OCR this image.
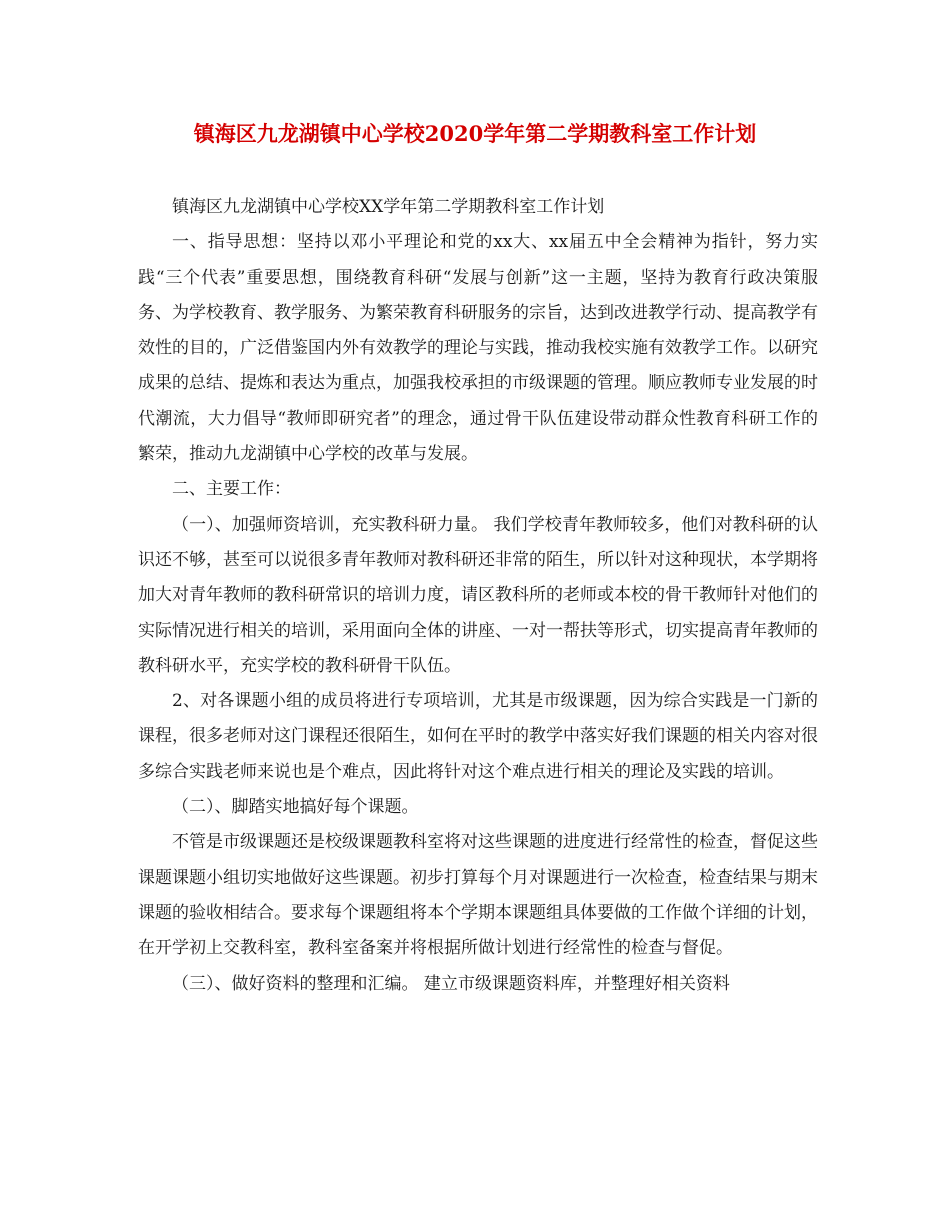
镇海区九龙湖镇中心学校2020学年第二学期教科室工作计划

镇海区九龙湖镇中心学校XX学年第二学期教科室工作计划

一、指导思想：坚持以邓小平理论和党的xx大、xx届五中全会精神为指针，努力实践“三个代表”重要思想，围绕教育科研“发展与创新”这一主题，坚持为教育行政决策服务、为学校教育、教学服务、为繁荣教育科研服务的宗旨，达到改进教学行动、提高教学有效性的目的，广泛借鉴国内外有效教学的理论与实践，推动我校实施有效教学工作。以研究成果的总结、提炼和表达为重点，加强我校承担的市级课题的管理。顺应教师专业发展的时代潮流，大力倡导“教师即研究者”的理念，通过骨干队伍建设带动群众性教育科研工作的繁荣，推动九龙湖镇中心学校的改革与发展。

二、主要工作：

（一）、加强师资培训，充实教科研力量。 我们学校青年教师较多，他们对教科研的认识还不够，甚至可以说很多青年教师对教科研还非常的陌生，所以针对这种现状，本学期将加大对青年教师的教科研常识的培训力度，请区教科所的老师或本校的骨干教师针对他们的实际情况进行相关的培训，采用面向全体的讲座、一对一帮扶等形式，切实提高青年教师的教科研水平，充实学校的教科研骨干队伍。

2、对各课题小组的成员将进行专项培训，尤其是市级课题，因为综合实践是一门新的课程，很多老师对这门课程还很陌生，如何在平时的教学中落实好我们课题的相关内容对很多综合实践老师来说也是个难点，因此将针对这个难点进行相关的理论及实践的培训。

（二）、脚踏实地搞好每个课题。

不管是市级课题还是校级课题教科室将对这些课题的进度进行经常性的检查，督促这些课题课题小组切实地做好这些课题。初步打算每个月对课题进行一次检查，检查结果与期末课题的验收相结合。要求每个课题组将本个学期本课题组具体要做的工作做个详细的计划，在开学初上交教科室，教科室备案并将根据所做计划进行经常性的检查与督促。

（三）、做好资料的整理和汇编。 建立市级课题资料库，并整理好相关资料
